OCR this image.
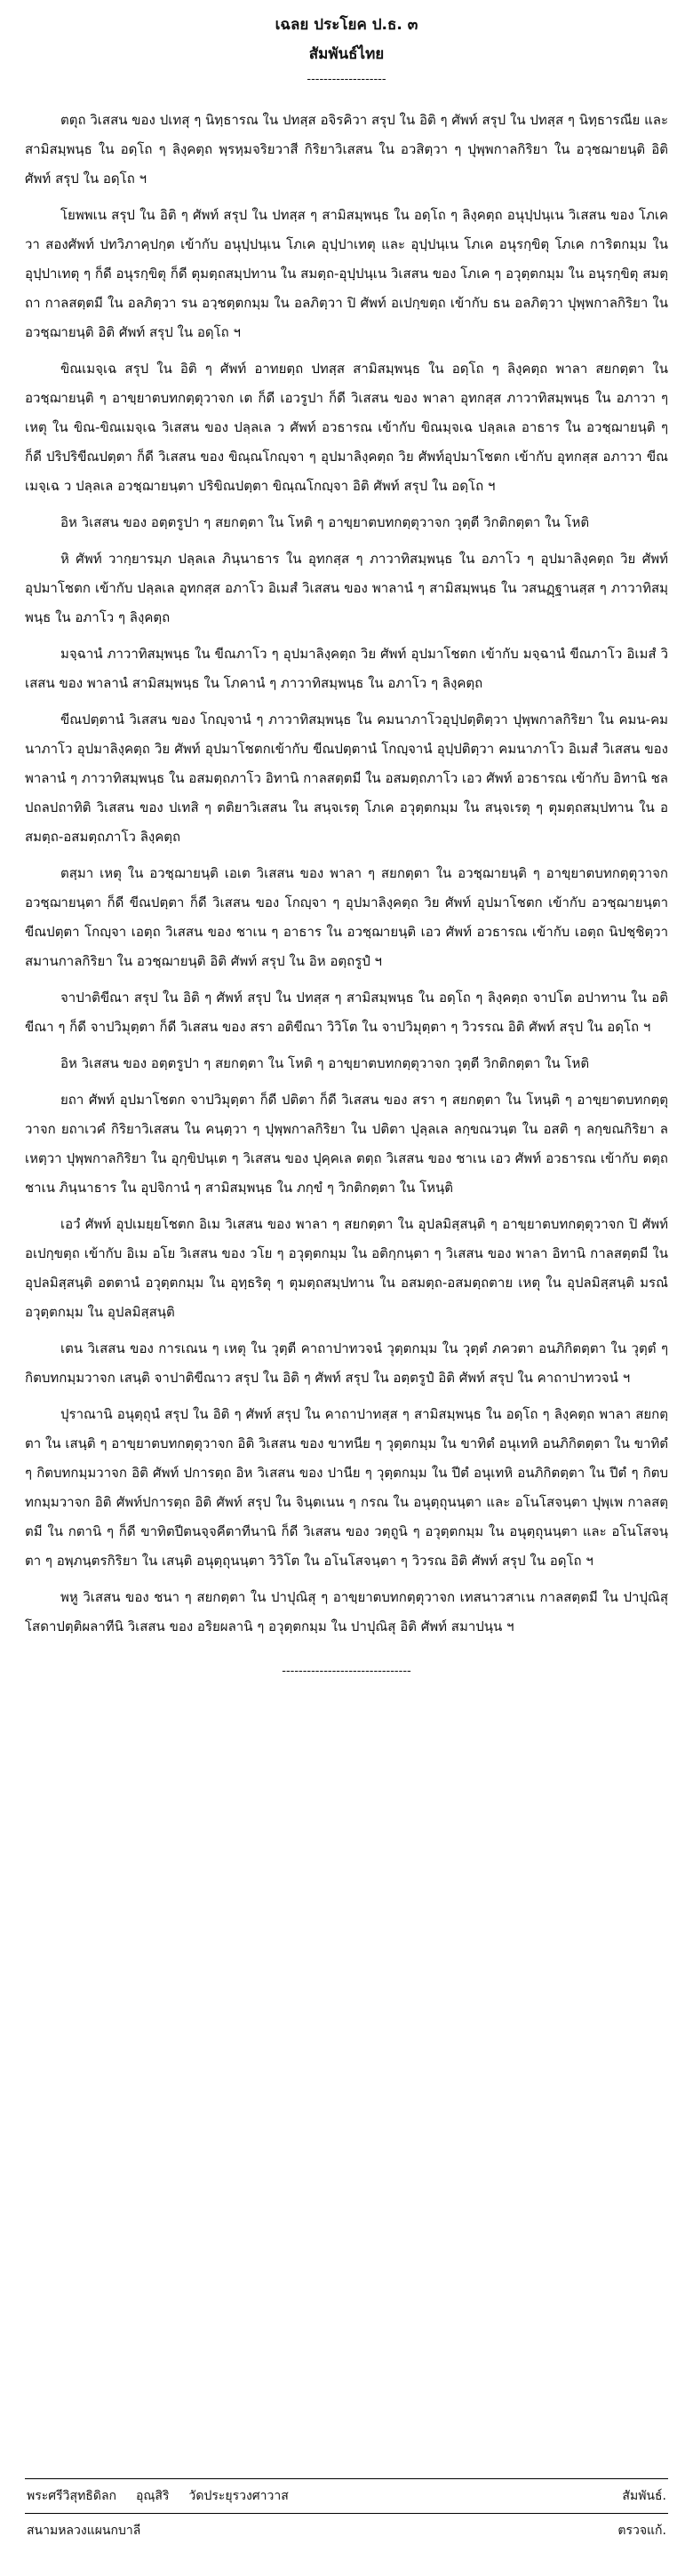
เฉลย ประโยค ป.ธ. ๓
สัมพันธ์ไทย
-------------------

ตตุถ วิเสสน ของ ปเทสุ ๆ นิทฺธารณ ใน ปทสฺส อจิรคิวา สรุป ใน อิติ ๆ ศัพท์ สรุป ใน ปทสฺส ๆ นิทฺธารณีย และ สามิสมฺพนฺธ ใน อดฺโถ ๆ ลิงฺคตฺถ พฺรหฺมจริยวาสี กิริยาวิเสสน ใน อวสิตฺวา ๆ ปุพฺพกาลกิริยา ใน อวฺชฌายนฺติ อิติ ศัพท์ สรุป ใน อดฺโถ ฯ

โยพพเน สรุป ใน อิติ ๆ ศัพท์ สรุป ใน ปทสฺส ๆ สามิสมฺพนฺธ ใน อดฺโถ ๆ ลิงฺคตฺถ อนุปฺปนฺเน วิเสสน ของ โภเค วา สองศัพท์ ปทวิภาคฺปกฺต เข้ากับ อนุปฺปนฺเน โภเค อุปฺปาเทตุ และ อุปฺปนฺเน โภเค อนุรกฺขิตุ โภเค การิตกมฺม ใน อุปฺปาเทตุ ๆ ก็ดี อนุรกฺขิตุ ก็ดี ตุมตฺถสมฺปทาน ใน สมตฺถ-อุปฺปนฺเน วิเสสน ของ โภเค ๆ อวุตฺตกมฺม ใน อนุรกฺขิตุ สมตฺถา กาลสตฺตมี ใน อลภิตฺวา รน อวฺชตฺตกมฺม ใน อลภิตฺวา ปิ ศัพท์ อเปกฺขตฺถ เข้ากับ ธน อลภิตฺวา ปุพฺพกาลกิริยา ใน อวชฺฌายนฺติ อิติ ศัพท์ สรุป ใน อดฺโถ ฯ

ขิณเมจฺเฉ สรุป ใน อิติ ๆ ศัพท์ อาทยตฺถ ปทสฺส สามิสมฺพนฺธ ใน อดฺโถ ๆ ลิงฺคตฺถ พาลา สยกตฺตา ใน อวชฺฌายนฺติ ๆ อาขฺยาตบทกตฺตุวาจก เต ก็ดี เอวรูปา ก็ดี วิเสสน ของ พาลา อุทกสฺส ภาวาทิสมฺพนฺธ ใน อภาวา ๆ เหตุ ใน ขิณ-ขิณเมจฺเฉ วิเสสน ของ ปลฺลเล ว ศัพท์ อวธารณ เข้ากับ ขิณมฺจเฉ ปลฺลเล อาธาร ใน อวชฺฌายนฺติ ๆ ก็ดี ปริปริขีณปตฺตา ก็ดี วิเสสน ของ ขิณฺณโกญฺจา ๆ อุปมาลิงฺคตฺถ วิย ศัพท์อุปมาโชตก เข้ากับ อุทกสฺส อภาวา ขีณเมจฺเฉ ว ปลฺลเล อวชฺฌายนฺตา ปริขิณปตฺตา ขิณฺณโกญฺจา อิติ ศัพท์ สรุป ใน อดฺโถ ฯ

อิห วิเสสน ของ อตฺตรูปา ๆ สยกตฺตา ใน โหติ ๆ อาขฺยาตบทกตฺตุวาจก วุตฺตี วิกติกตฺตา ใน โหติ

หิ ศัพท์ วากฺยารมฺภ ปลฺลเล ภินฺนาธาร ใน อุทกสฺส ๆ ภาวาทิสมฺพนฺธ ใน อภาโว ๆ อุปมาลิงฺคตฺถ วิย ศัพท์ อุปมาโชตก เข้ากับ ปลฺลเล อุทกสฺส อภาโว อิเมสํ วิเสสน ของ พาลานํ ๆ สามิสมฺพนฺธ ใน วสนฏฺฐานสฺส ๆ ภาวาทิสมฺพนฺธ ใน อภาโว ๆ ลิงฺคตฺถ

มจฺฉานํ ภาวาทิสมฺพนฺธ ใน ขีณภาโว ๆ อุปมาลิงฺคตฺถ วิย ศัพท์ อุปมาโชตก เข้ากับ มจฺฉานํ ขีณภาโว อิเมสํ วิเสสน ของ พาลานํ สามิสมฺพนฺธ ใน โภคานํ ๆ ภาวาทิสมฺพนฺธ ใน อภาโว ๆ ลิงฺคตฺถ

ขีณปตฺตานํ วิเสสน ของ โกญฺจานํ ๆ ภาวาทิสมฺพนฺธ ใน คมนาภาโวอุปฺปตฺติตฺวา ปุพฺพกาลกิริยา ใน คมน-คมนาภาโว อุปมาลิงฺคตฺถ วิย ศัพท์ อุปมาโชตกเข้ากับ ขีณปตฺตานํ โกญฺจานํ อุปฺปติตฺวา คมนาภาโว อิเมสํ วิเสสน ของ พาลานํ ๆ ภาวาทิสมฺพนฺธ ใน อสมตฺถภาโว อิทานิ กาลสตฺตมี ใน อสมตฺถภาโว เอว ศัพท์ อวธารณ เข้ากับ อิทานิ ชลปถลปถาทิติ วิเสสน ของ ปเทสิ ๆ ตติยาวิเสสน ใน สนฺจเรตุ โภเค อวุตฺตกมฺม ใน สนฺจเรตุ ๆ ตุมตฺถสมฺปทาน ใน อสมตฺถ-อสมตฺถภาโว ลิงฺคตฺถ

ตสฺมา เหตุ ใน อวชฺฌายนฺติ เอเต วิเสสน ของ พาลา ๆ สยกตฺตา ใน อวชฺฌายนฺติ ๆ อาขฺยาตบทกตฺตุวาจก อวชฺฌายนฺตา ก็ดี ขีณปตฺตา ก็ดี วิเสสน ของ โกญฺจา ๆ อุปมาลิงฺคตฺถ วิย ศัพท์ อุปมาโชตก เข้ากับ อวชฺฌายนฺตา ขีณปตฺตา โกญฺจา เอตฺถ วิเสสน ของ ชาเน ๆ อาธาร ใน อวชฺฌายนฺติ เอว ศัพท์ อวธารณ เข้ากับ เอตฺถ นิปชฺชิตฺวา สมานกาลกิริยา ใน อวชฺฌายนฺติ อิติ ศัพท์ สรุป ใน อิห อตฺถรูปํ ฯ

จาปาติขีณา สรุป ใน อิติ ๆ ศัพท์ สรุป ใน ปทสฺส ๆ สามิสมฺพนฺธ ใน อดฺโถ ๆ ลิงฺคตฺถ จาปโต อปาทาน ใน อติขีณา ๆ ก็ดี จาปวิมุตฺตา ก็ดี วิเสสน ของ สรา อติขีณา วิวิโต ใน จาปวิมุตฺตา ๆ วิวรรณ อิติ ศัพท์ สรุป ใน อดฺโถ ฯ

อิห วิเสสน ของ อตฺตรูปา ๆ สยกตฺตา ใน โหติ ๆ อาขฺยาตบทกตฺตุวาจก วุตฺตี วิกติกตฺตา ใน โหติ

ยถา ศัพท์ อุปมาโชตก จาปวิมุตฺตา ก็ดี ปติตา ก็ดี วิเสสน ของ สรา ๆ สยกตฺตา ใน โหนฺติ ๆ อาขฺยาตบทกตฺตุวาจก ยถาเวคํ กิริยาวิเสสน ใน คนฺตฺวา ๆ ปุพฺพกาลกิริยา ใน ปติตา ปุลฺลเล ลกฺขณวนฺต ใน อสติ ๆ ลกฺขณกิริยา ลเหตฺวา ปุพฺพกาลกิริยา ใน อุกฺขิปนฺเต ๆ วิเสสน ของ ปุคฺคเล ตตฺถ วิเสสน ของ ชาเน เอว ศัพท์ อวธารณ เข้ากับ ตตฺถ ชาเน ภินฺนาธาร ใน อุปจิกานํ ๆ สามิสมฺพนฺธ ใน ภกฺขํ ๆ วิกติกตฺตา ใน โหนฺติ

เอวํ ศัพท์ อุปเมยฺยโชตก อิเม วิเสสน ของ พาลา ๆ สยกตฺตา ใน อุปลมิสฺสนฺติ ๆ อาขฺยาตบทกตฺตุวาจก ปิ ศัพท์ อเปกฺขตฺถ เข้ากับ อิเม อโย วิเสสน ของ วโย ๆ อวุตฺตกมฺม ใน อติกฺกนฺตา ๆ วิเสสน ของ พาลา อิทานิ กาลสตฺตมี ใน อุปลมิสฺสนฺติ อตตานํ อวุตฺตกมฺม ใน อุทฺธริตุ ๆ ตุมตฺถสมฺปทาน ใน อสมตฺถ-อสมตฺถตาย เหตุ ใน อุปลมิสฺสนฺติ มรณํ อวุตฺตกมฺม ใน อุปลมิสฺสนฺติ

เตน วิเสสน ของ การเณน ๆ เหตุ ใน วุตฺตี คาถาปาทวจนํ วุตฺตกมฺม ใน วุตฺตํ ภควตา อนภิกิตตฺตา ใน วุตฺตํ ๆ กิตบทกมฺมวาจก เสนฺติ จาปาติขีณาว สรุป ใน อิติ ๆ ศัพท์ สรุป ใน อตฺตรูปํ อิติ ศัพท์ สรุป ใน คาถาปาทวจนํ ฯ

ปุราณานิ อนุตฺถุนํ สรุป ใน อิติ ๆ ศัพท์ สรุป ใน คาถาปาทสฺส ๆ สามิสมฺพนฺธ ใน อดฺโถ ๆ ลิงฺคตฺถ พาลา สยกตฺตา ใน เสนฺติ ๆ อาขฺยาตบทกตฺตุวาจก อิติ วิเสสน ของ ขาทนีย ๆ วุตฺตกมฺม ใน ขาทิตํ อนุเทหิ อนภิกิตตฺตา ใน ขาทิตํ ๆ กิตบทกมฺมวาจก อิติ ศัพท์ ปการตฺถ อิห วิเสสน ของ ปานีย ๆ วุตฺตกมฺม ใน ปีตํ อนุเทหิ อนภิกิตตฺตา ใน ปีตํ ๆ กิตบทกมฺมวาจก อิติ ศัพท์ปการตฺถ อิติ ศัพท์ สรุป ใน จินฺตเนน ๆ กรณ ใน อนุตฺถุนนฺตา และ อโนโสจนฺตา ปุพฺเพ กาลสตฺตมี ใน กตานิ ๆ ก็ดี ขาทิตปีตนจฺจคีตาทีนานิ ก็ดี วิเสสน ของ วตฺถูนิ ๆ อวุตฺตกมฺม ใน อนุตฺถุนนฺตา และ อโนโสจนฺตา ๆ อพฺภนฺตรกิริยา ใน เสนฺติ อนุตฺถุนนฺตา วิวิโต ใน อโนโสจนฺตา ๆ วิวรณ อิติ ศัพท์ สรุป ใน อดฺโถ ฯ

พหู วิเสสน ของ ชนา ๆ สยกตฺตา ใน ปาปุณิสุ ๆ อาขฺยาตบทกตฺตุวาจก เทสนาวสาเน กาลสตฺตมี ใน ปาปุณิสุ โสดาปตฺติผลาทีนิ วิเสสน ของ อริยผลานิ ๆ อวุตฺตกมฺม ใน ปาปุณิสุ อิติ ศัพท์ สมาปนฺน ฯ

-------------------------------
พระศรีวิสุทธิดิลก อุณฺสิริ วัดประยุรวงศาวาส	สัมพันธ์.
สนามหลวงแผนกบาลี	ตรวจแก้.
